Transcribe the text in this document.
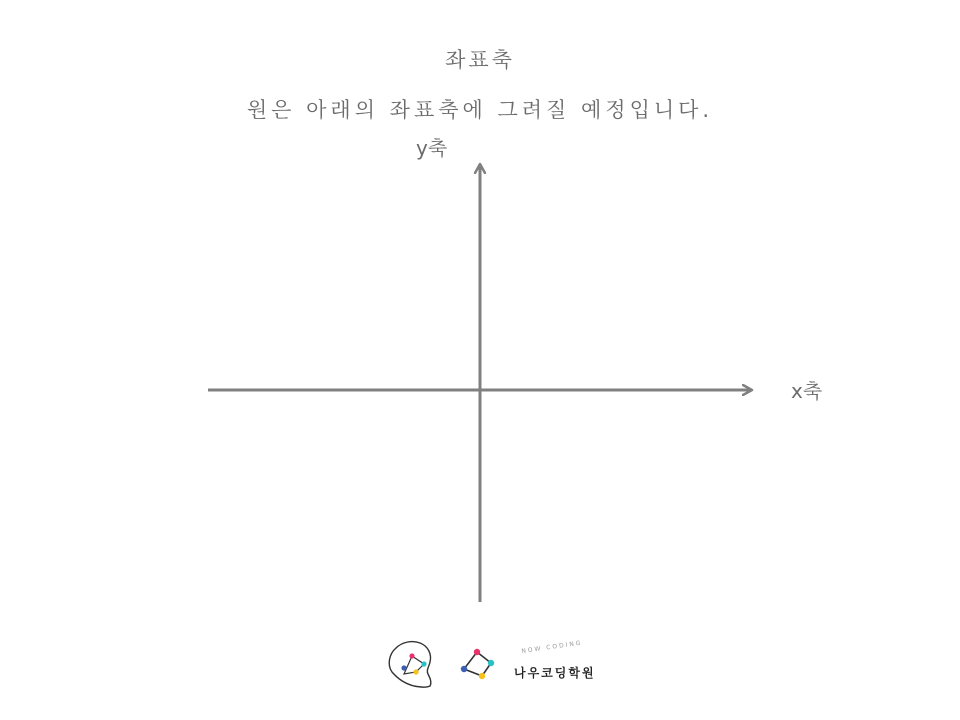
좌표축
원은 아래의 좌표축에 그려질 예정입니다.
y축
x축
NOW CODING
나우코딩학원
